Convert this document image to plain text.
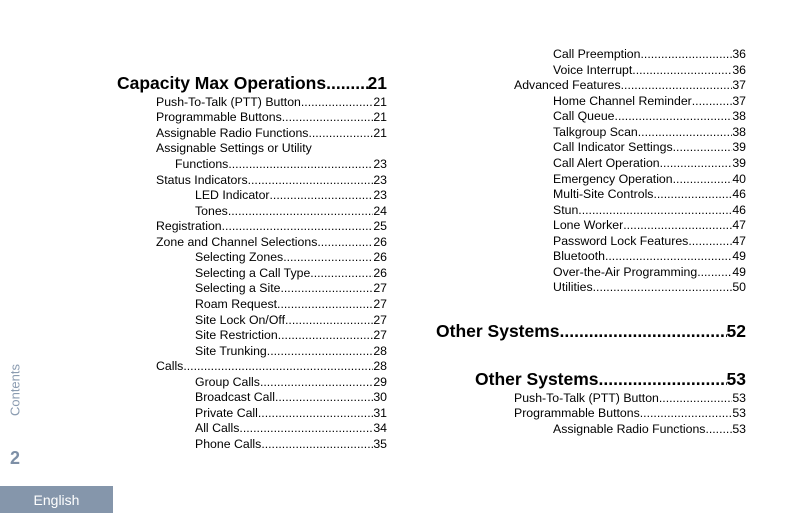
Capacity Max Operations ..... 21
Push-To-Talk (PTT) Button .....	21
Programmable Buttons .....	21
Assignable Radio Functions .....	21
Assignable Settings or Utility
Functions .....	23
Status Indicators .....	23
LED Indicator .....	23
Tones .....	24
Registration .....	25
Zone and Channel Selections .....	26
Selecting Zones .....	26
Selecting a Call Type .....	26
Selecting a Site .....	27
Roam Request .....	27
Site Lock On/Off .....	27
Site Restriction .....	27
Site Trunking .....	28
Calls .....	28
Group Calls .....	29
Broadcast Call .....	30
Private Call .....	31
All Calls .....	34
Phone Calls .....	35
Call Preemption .....	36
Voice Interrupt .....	36
Advanced Features .....	37
Home Channel Reminder .....	37
Call Queue .....	38
Talkgroup Scan .....	38
Call Indicator Settings .....	39
Call Alert Operation .....	39
Emergency Operation .....	40
Multi-Site Controls .....	46
Stun .....	46
Lone Worker .....	47
Password Lock Features .....	47
Bluetooth .....	49
Over-the-Air Programming .....	49
Utilities .....	50
Other Systems .....	52
Other Systems .....	53
Push-To-Talk (PTT) Button .....	53
Programmable Buttons .....	53
Assignable Radio Functions ..... 53
Contents
2
English
